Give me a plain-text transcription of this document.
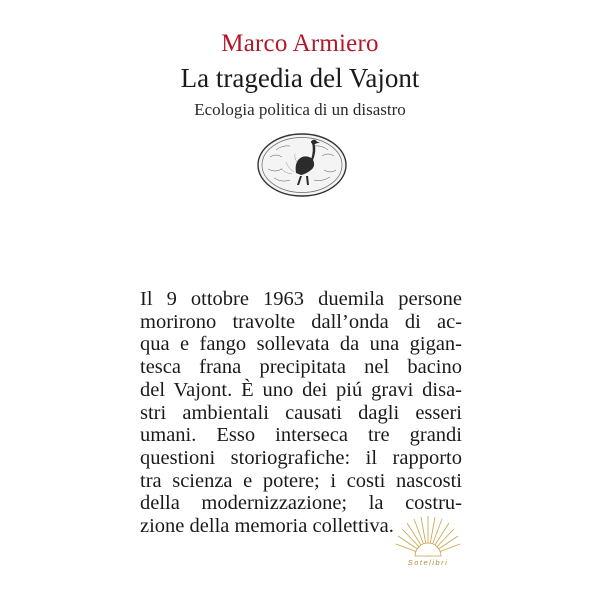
Marco Armiero
La tragedia del Vajont
Ecologia politica di un disastro
Il 9 ottobre 1963 duemila persone
morirono travolte dall’onda di ac-
qua e fango sollevata da una gigan-
tesca frana precipitata nel bacino
del Vajont. È uno dei piú gravi disa-
stri ambientali causati dagli esseri
umani. Esso interseca tre grandi
questioni storiografiche: il rapporto
tra scienza e potere; i costi nascosti
della modernizzazione; la costru-
zione della memoria collettiva.
Sotelibri
